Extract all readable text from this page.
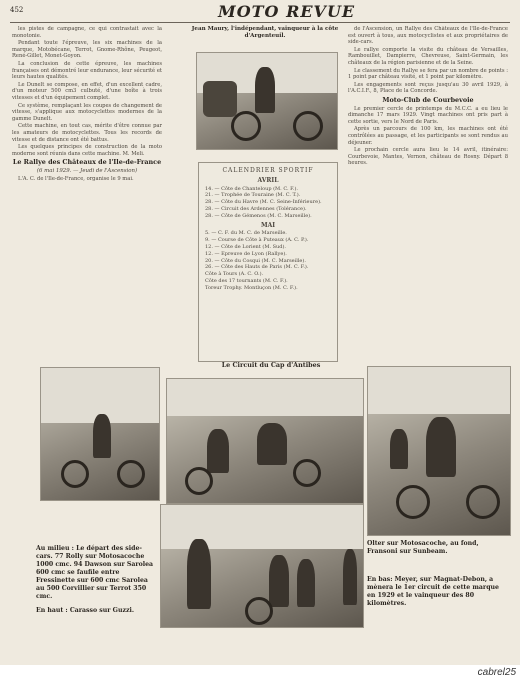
452	MOTO REVUE

les pistes de campagne, ce qui contrastait avec la monotonie.

Pendant toute l'épreuve, les six machines de la marque, Motobécane, Terrot, Gnome-Rhône, Peugeot, René-Gillet, Monet-Goyon.

La conclusion de cette épreuve, les machines françaises ont démontré leur endurance, leur sécurité et leurs hautes qualités.

Le Dunelt se compose, en effet, d'un excellent cadre, d'un moteur 500 cm3 culbuté, d'une boîte à trois vitesses et d'un équipement complet.

Ce système, remplaçant les coupes de changement de vitesse, s'applique aux motocyclettes modernes de la gamme Dunelt.

Cette machine, en tout cas, mérite d'être connue par les amateurs de motocyclettes. Tous les records de vitesse et de distance ont été battus.

Les quelques principes de construction de la moto moderne sont réunis dans cette machine. M. Meli.

Le Rallye des Châteaux de l'Ile-de-France
(6 mai 1929. — Jeudi de l'Ascension)

L'A. C. de l'Ile-de-France, organise le 9 mai.

Jean Maury, l'indépendant, vainqueur à la côte d'Argenteuil.
CALENDRIER SPORTIF
AVRIL
14. — Côte de Chanteloup (M. C. F.).
21. — Trophée de Touraine (M. C. T.).
28. — Côte du Havre (M. C. Seine-Inférieure).
28. — Circuit des Ardennes (Tolérance).
28. — Côte de Gémenos (M. C. Marseille).
MAI
5. — C. F. du M. C. de Marseille.
9. — Course de Côte à Puteaux (A. C. P.).
12. — Côte de Lorient (M. Sud).
12. — Epreuve de Lyon (Rallye).
20. — Côte du Cosqui (M. C. Marseille).
26. — Côte des Hauts de Paris (M. C. F.).
Côte à Tours (A. C. O.).
Côte des 17 tournants (M. C. F.).
Toreur Trophy. Montluçon (M. C. F.).

de l'Ascension, un Rallye des Châteaux de l'Ile-de-France est ouvert à tous, aux motocyclistes et aux propriétaires de side-cars.

Le rallye comporte la visite du château de Versailles, Rambouillet, Dampierre, Chevreuse, Saint-Germain, les châteaux de la région parisienne et de la Seine.

Le classement du Rallye se fera par un nombre de points : 1 point par château visité, et 1 point par kilomètre.

Les engagements sont reçus jusqu'au 30 avril 1929, à l'A.C.I.F., 8, Place de la Concorde.

Moto-Club de Courbevoie

Le premier cercle de printemps du M.C.C. a eu lieu le dimanche 17 mars 1929. Vingt machines ont pris part à cette sortie, vers le Nord de Paris.

Après un parcours de 100 km, les machines ont été contrôlées au passage, et les participants se sont rendus au déjeuner.

Le prochain cercle aura lieu le 14 avril, itinéraire: Courbevoie, Mantes, Vernon, château de Rosny. Départ 8 heures.

Le Circuit du Cap d'Antibes
Au milieu : Le départ des side-cars. 77 Rolly sur Motosacoche 1000 cmc. 94 Dawson sur Sarolea 600 cmc se faufile entre Fressinette sur 600 cmc Sarolea au 500 Corvillier sur Terrot 350 cmc.
En haut : Carasso sur Guzzi.
Olter sur Motosacoche, au fond, Fransoni sur Sunbeam.
En bas: Meyer, sur Magnat-Debon, a mènera le 1er circuit de cette marque en 1929 et le vainqueur des 80 kilomètres.
cabrel25
